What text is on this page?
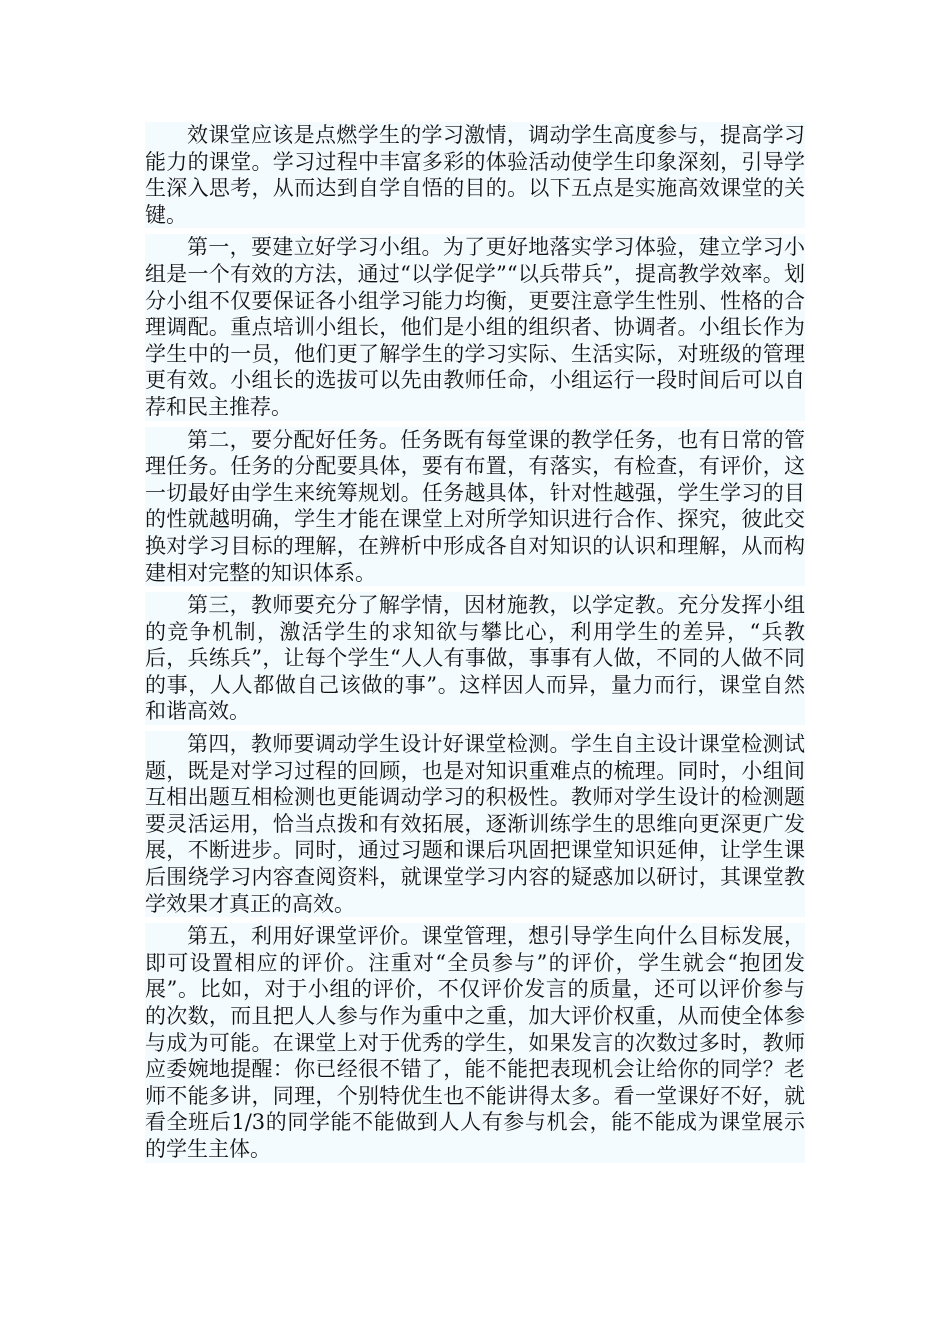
效课堂应该是点燃学生的学习激情，调动学生高度参与，提高学习能力的课堂。学习过程中丰富多彩的体验活动使学生印象深刻，引导学生深入思考，从而达到自学自悟的目的。以下五点是实施高效课堂的关键。

第一，要建立好学习小组。为了更好地落实学习体验，建立学习小组是一个有效的方法，通过“以学促学”“以兵带兵”，提高教学效率。划分小组不仅要保证各小组学习能力均衡，更要注意学生性别、性格的合理调配。重点培训小组长，他们是小组的组织者、协调者。小组长作为学生中的一员，他们更了解学生的学习实际、生活实际，对班级的管理更有效。小组长的选拔可以先由教师任命，小组运行一段时间后可以自荐和民主推荐。

第二，要分配好任务。任务既有每堂课的教学任务，也有日常的管理任务。任务的分配要具体，要有布置，有落实，有检查，有评价，这一切最好由学生来统筹规划。任务越具体，针对性越强，学生学习的目的性就越明确，学生才能在课堂上对所学知识进行合作、探究，彼此交换对学习目标的理解，在辨析中形成各自对知识的认识和理解，从而构建相对完整的知识体系。

第三，教师要充分了解学情，因材施教，以学定教。充分发挥小组的竞争机制，激活学生的求知欲与攀比心，利用学生的差异，“兵教后，兵练兵”，让每个学生“人人有事做，事事有人做，不同的人做不同的事，人人都做自己该做的事”。这样因人而异，量力而行，课堂自然和谐高效。

第四，教师要调动学生设计好课堂检测。学生自主设计课堂检测试题，既是对学习过程的回顾，也是对知识重难点的梳理。同时，小组间互相出题互相检测也更能调动学习的积极性。教师对学生设计的检测题要灵活运用，恰当点拨和有效拓展，逐渐训练学生的思维向更深更广发展，不断进步。同时，通过习题和课后巩固把课堂知识延伸，让学生课后围绕学习内容查阅资料，就课堂学习内容的疑惑加以研讨，其课堂教学效果才真正的高效。

第五，利用好课堂评价。课堂管理，想引导学生向什么目标发展，即可设置相应的评价。注重对“全员参与”的评价，学生就会“抱团发展”。比如，对于小组的评价，不仅评价发言的质量，还可以评价参与的次数，而且把人人参与作为重中之重，加大评价权重，从而使全体参与成为可能。在课堂上对于优秀的学生，如果发言的次数过多时，教师应委婉地提醒：你已经很不错了，能不能把表现机会让给你的同学？老师不能多讲，同理，个别特优生也不能讲得太多。看一堂课好不好，就看全班后1/3的同学能不能做到人人有参与机会，能不能成为课堂展示的学生主体。
